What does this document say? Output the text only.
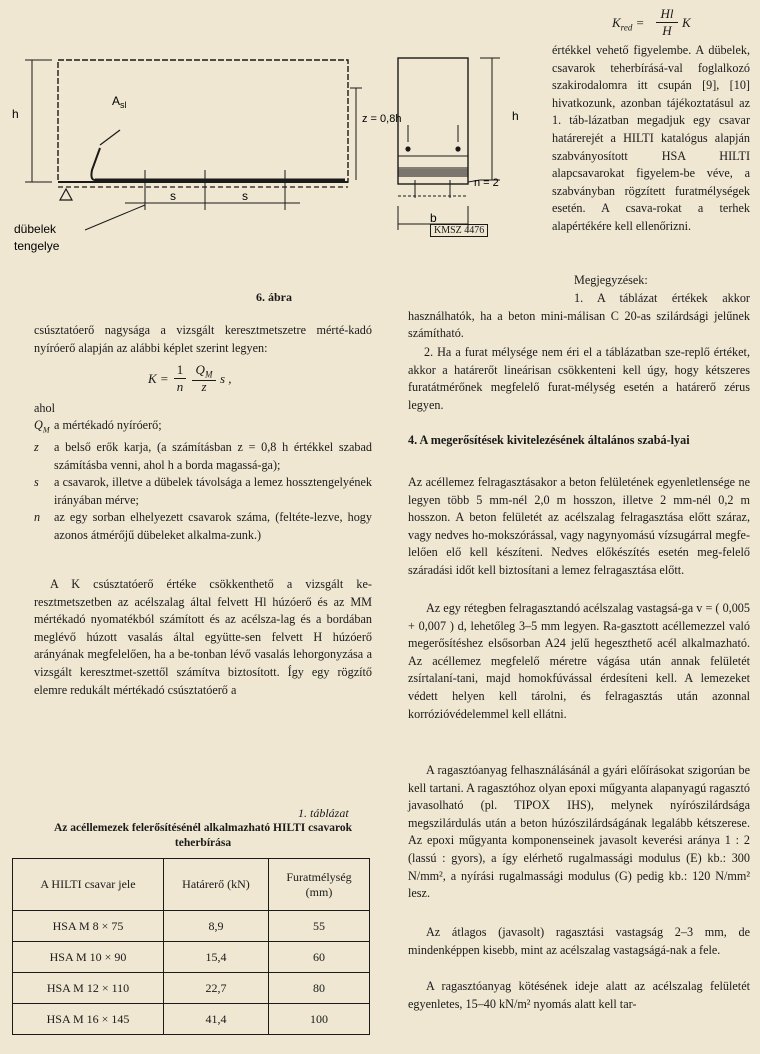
$K_{red}$ =
Hl
H
K
h
$A_{sl}$
z = 0,8h
s	s
h
b
n = 2
dübelek
tengelye
KMSZ 4476
6. ábra
csúsztatóerő nagysága a vizsgált keresztmetszetre mérté-kadó nyíróerő alapján az alábbi képlet szerint legyen:
K =
1
n
$Q_M$
z
s ,
ahol
$Q_M$ a mértékadó nyíróerő;
z	a belső erők karja, (a számításban z = 0,8 h értékkel szabad számításba venni, ahol h a borda magassá-ga);
s	a csavarok, illetve a dübelek távolsága a lemez hossztengelyének irányában mérve;
n	az egy sorban elhelyezett csavarok száma, (feltéte-lezve, hogy azonos átmérőjű dübeleket alkalma-zunk.)
A K csúsztatóerő értéke csökkenthető a vizsgált ke-resztmetszetben az acélszalag által felvett Hl húzóerő és az MM mértékadó nyomatékból számított és az acélsza-lag és a bordában meglévő húzott vasalás által együtte-sen felvett H húzóerő arányának megfelelően, ha a be-tonban lévő vasalás lehorgonyzása a vizsgált keresztmet-szettől számítva biztosított. Így egy rögzítő elemre redukált mértékadó csúsztatóerő a
1. táblázat
Az acéllemezek felerősítésénél alkalmazható HILTI csavarok teherbírása
A HILTI csavar jele	Határerő (kN)	Furatmélység (mm)
HSA M 8 × 75	8,9	55
HSA M 10 × 90	15,4	60
HSA M 12 × 110	22,7	80
HSA M 16 × 145	41,4	100
értékkel vehető figyelembe. A dübelek, csavarok teherbírásá-val foglalkozó szakirodalomra itt csupán [9], [10] hivatkozunk, azonban tájékoztatásul az 1. táb-lázatban megadjuk egy csavar határerejét a HILTI katalógus alapján szabványosított HSA HILTI alapcsavarokat figyelem-be véve, a szabványban rögzített furatmélységek esetén. A csava-rokat a terhek alapértékére kell ellenőrizni.
Megjegyzések:
1. A táblázat értékek akkor használhatók, ha a beton mini-málisan C 20-as szilárdsági jelűnek számítható.
2. Ha a furat mélysége nem éri el a táblázatban sze-replő értéket, akkor a határerőt lineárisan csökkenteni kell úgy, hogy kétszeres furatátmérőnek megfelelő furat-mélység esetén a határerő zérus legyen.
4. A megerősítések kivitelezésének általános szabá-lyai
Az acéllemez felragasztásakor a beton felületének egyenletlensége ne legyen több 5 mm-nél 2,0 m hosszon, illetve 2 mm-nél 0,2 m hosszon. A beton felületét az acélszalag felragasztása előtt száraz, vagy nedves ho-mokszórással, vagy nagynyomású vízsugárral megfe-lelően elő kell készíteni. Nedves előkészítés esetén meg-felelő száradási időt kell biztosítani a lemez felragasztása előtt.
Az egy rétegben felragasztandó acélszalag vastagsá-ga v = ( 0,005 + 0,007 ) d, lehetőleg 3–5 mm legyen. Ra-gasztott acéllemezzel való megerősítéshez elsősorban A24 jelű hegeszthető acél alkalmazható. Az acéllemez megfelelő méretre vágása után annak felületét zsírtalaní-tani, majd homokfúvással érdesíteni kell. A lemezeket védett helyen kell tárolni, és felragasztás után azonnal korrózióvédelemmel kell ellátni.
A ragasztóanyag felhasználásánál a gyári előírásokat szigorúan be kell tartani. A ragasztóhoz olyan epoxi műgyanta alapanyagú ragasztó javasolható (pl. TIPOX IHS), melynek nyírószilárdsága megszilárdulás után a beton húzószilárdságának legalább kétszerese. Az epoxi műgyanta komponenseinek javasolt keverési aránya 1 : 2 (lassú : gyors), a így elérhető rugalmassági modulus (E) kb.: 300 N/mm², a nyírási rugalmassági modulus (G) pedig kb.: 120 N/mm² lesz.
Az átlagos (javasolt) ragasztási vastagság 2–3 mm, de mindenképpen kisebb, mint az acélszalag vastagságá-nak a fele.
A ragasztóanyag kötésének ideje alatt az acélszalag felületét egyenletes, 15–40 kN/m² nyomás alatt kell tar-
